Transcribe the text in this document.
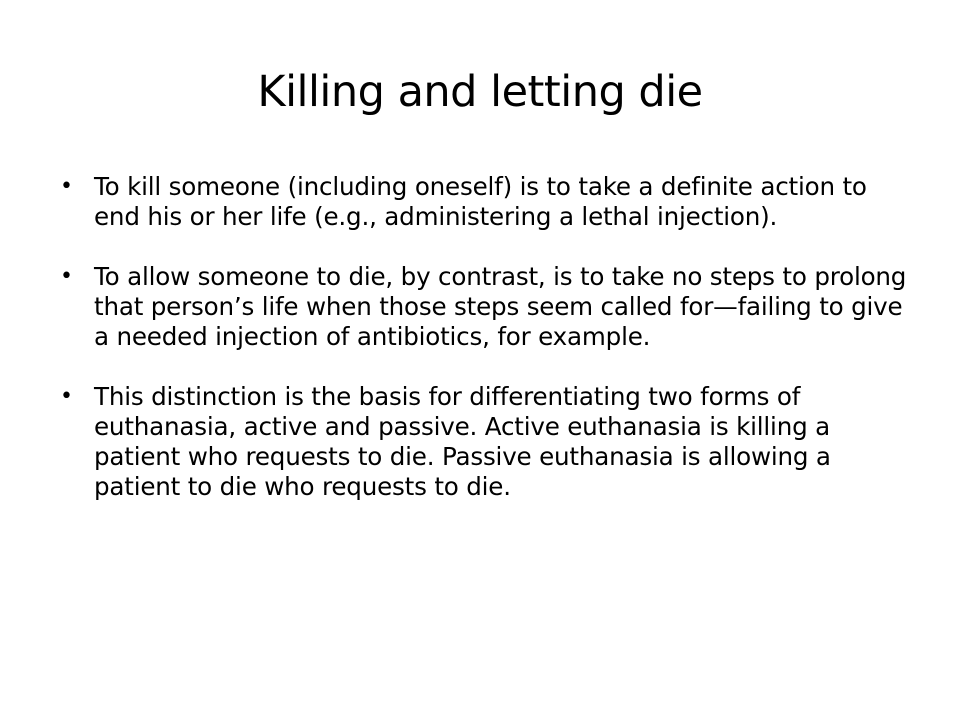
Killing and letting die
• To kill someone (including oneself) is to take a definite action to end his or her life (e.g., administering a lethal injection).
• To allow someone to die, by contrast, is to take no steps to prolong that person’s life when those steps seem called for—failing to give a needed injection of antibiotics, for example.
• This distinction is the basis for differentiating two forms of euthanasia, active and passive. Active euthanasia is killing a patient who requests to die. Passive euthanasia is allowing a patient to die who requests to die.
